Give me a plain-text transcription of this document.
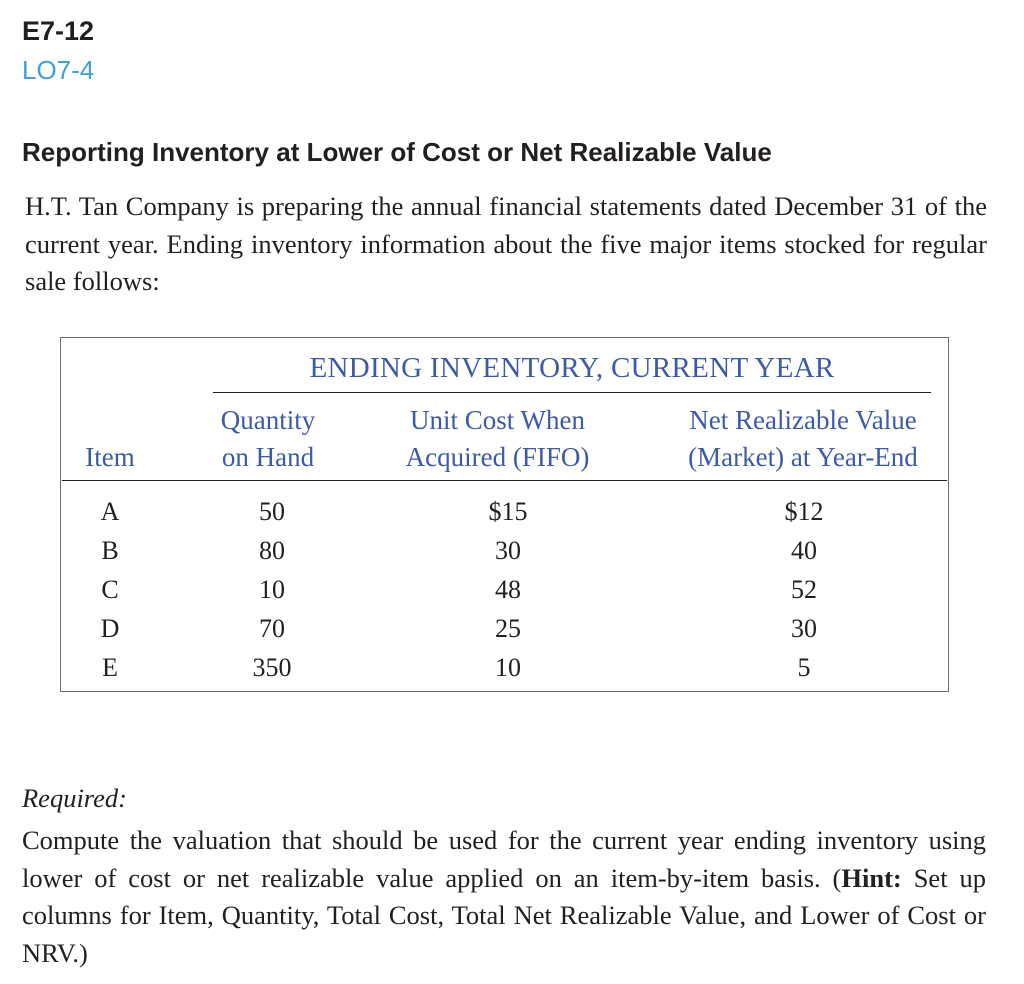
E7-12
LO7-4
Reporting Inventory at Lower of Cost or Net Realizable Value
H.T. Tan Company is preparing the annual financial statements dated December 31 of the current year. Ending inventory information about the five major items stocked for regular sale follows:
ENDING INVENTORY, CURRENT YEAR
Item
Quantity
on Hand
Unit Cost When
Acquired (FIFO)
Net Realizable Value
(Market) at Year-End
A
B
C
D
E
50
80
10
70
350
$15
30
48
25
10
$12
40
52
30
5
Required:
Compute the valuation that should be used for the current year ending inventory using lower of cost or net realizable value applied on an item-by-item basis. (Hint: Set up columns for Item, Quantity, Total Cost, Total Net Realizable Value, and Lower of Cost or NRV.)
